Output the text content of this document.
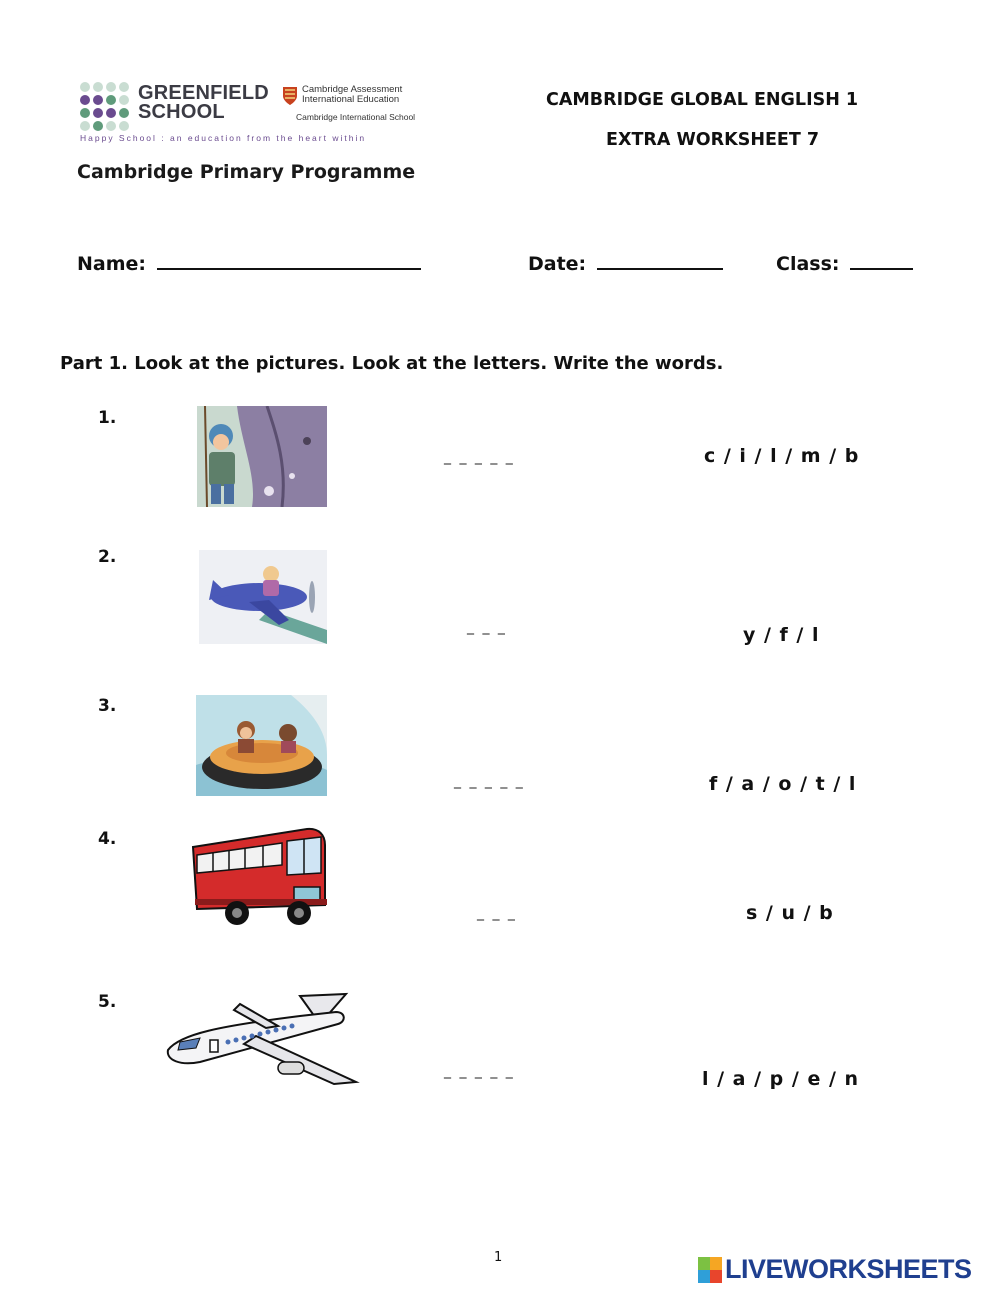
GREENFIELD
SCHOOL
Cambridge Assessment
International Education
Cambridge International School
Happy School : an education from the heart within
Cambridge Primary Programme
CAMBRIDGE GLOBAL ENGLISH 1
EXTRA WORKSHEET 7
Name:	Date:	Class:
Part 1. Look at the pictures. Look at the letters. Write the words.
1.
_ _ _ _ _	c / i / l / m / b
2.
_ _ _	y / f / l
3.
_ _ _ _ _	f / a / o / t / l
4.
_ _ _	s / u / b
5.
_ _ _ _ _	l / a / p / e / n
1	LIVEWORKSHEETS
